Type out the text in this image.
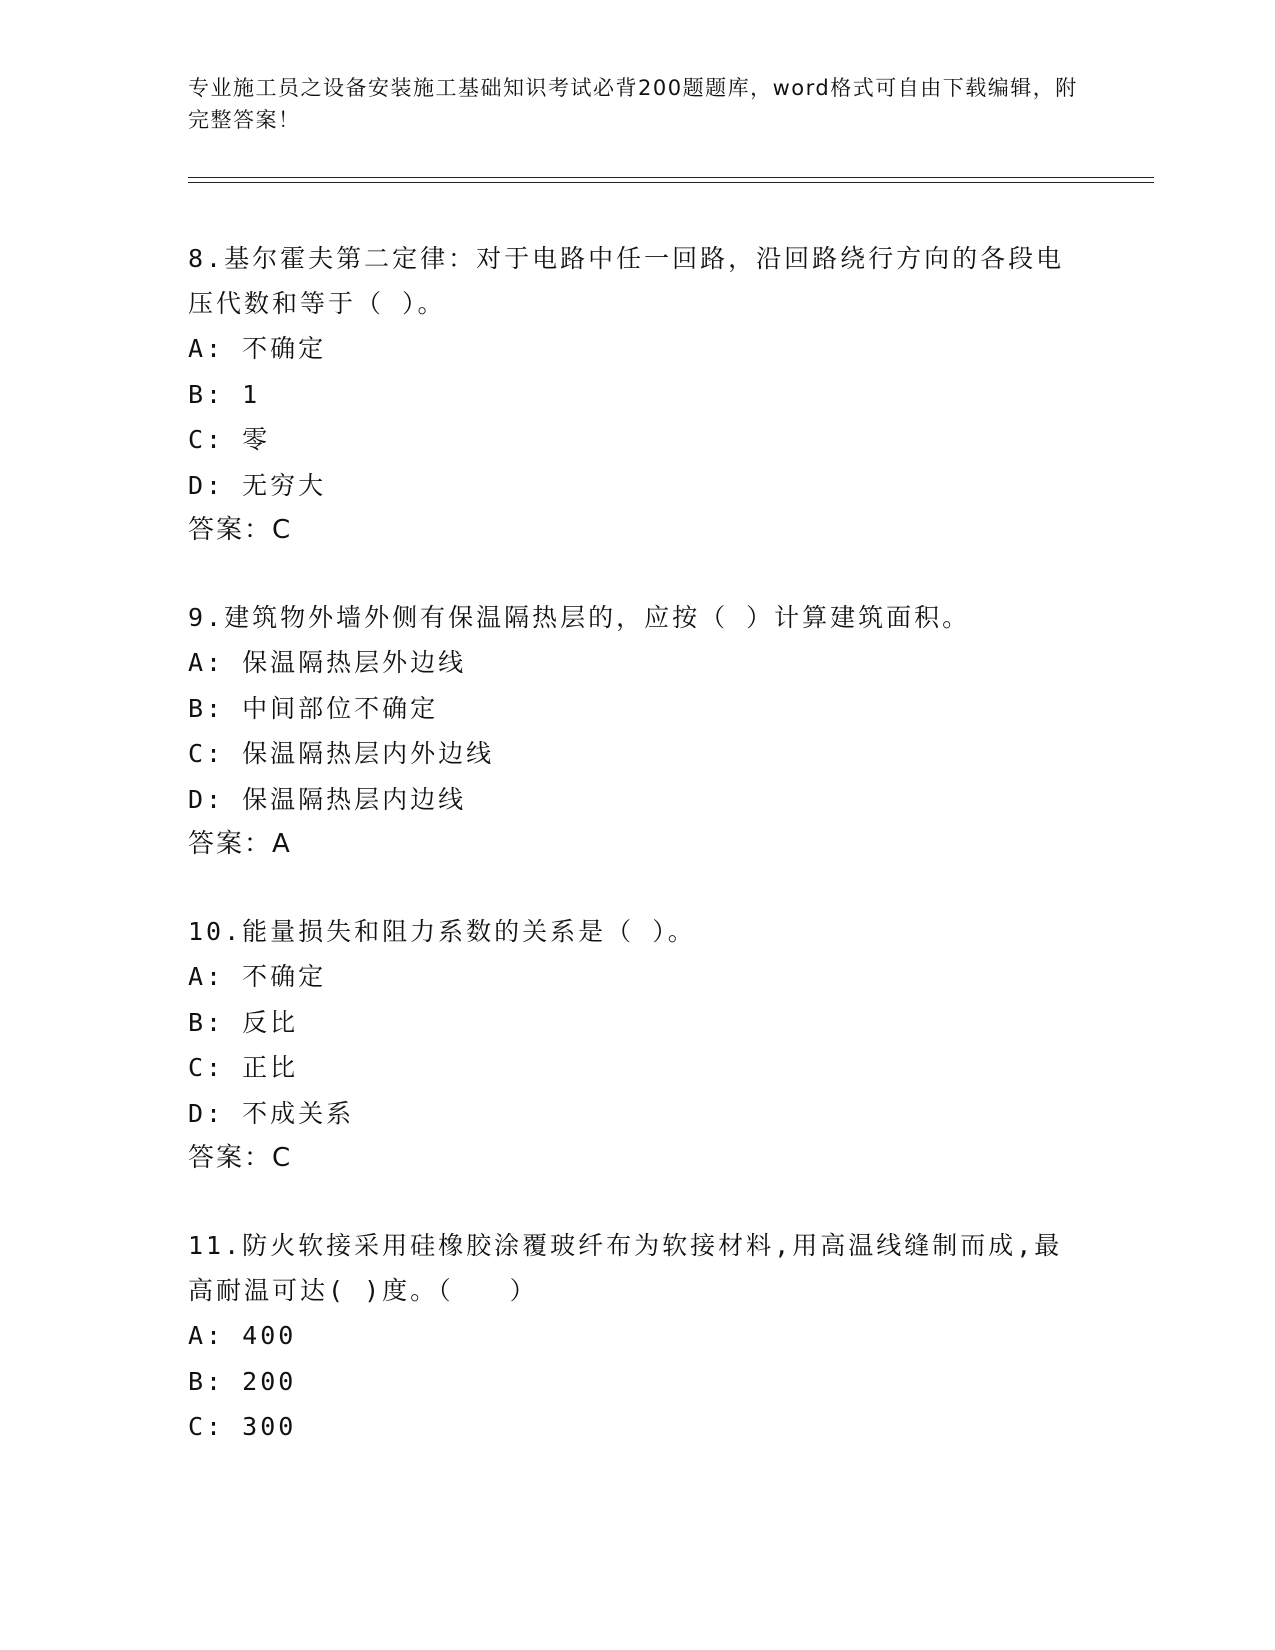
专业施工员之设备安装施工基础知识考试必背200题题库，word格式可自由下载编辑，附完整答案！

8.基尔霍夫第二定律：对于电路中任一回路，沿回路绕行方向的各段电压代数和等于（ ）。

A: 不确定

B: 1

C: 零

D: 无穷大

答案：C

9.建筑物外墙外侧有保温隔热层的，应按（ ）计算建筑面积。

A: 保温隔热层外边线

B: 中间部位不确定

C: 保温隔热层内外边线

D: 保温隔热层内边线

答案：A

10.能量损失和阻力系数的关系是（ ）。

A: 不确定

B: 反比

C: 正比

D: 不成关系

答案：C

11.防火软接采用硅橡胶涂覆玻纤布为软接材料,用高温线缝制而成,最高耐温可达( )度。（　　）

A: 400

B: 200

C: 300
